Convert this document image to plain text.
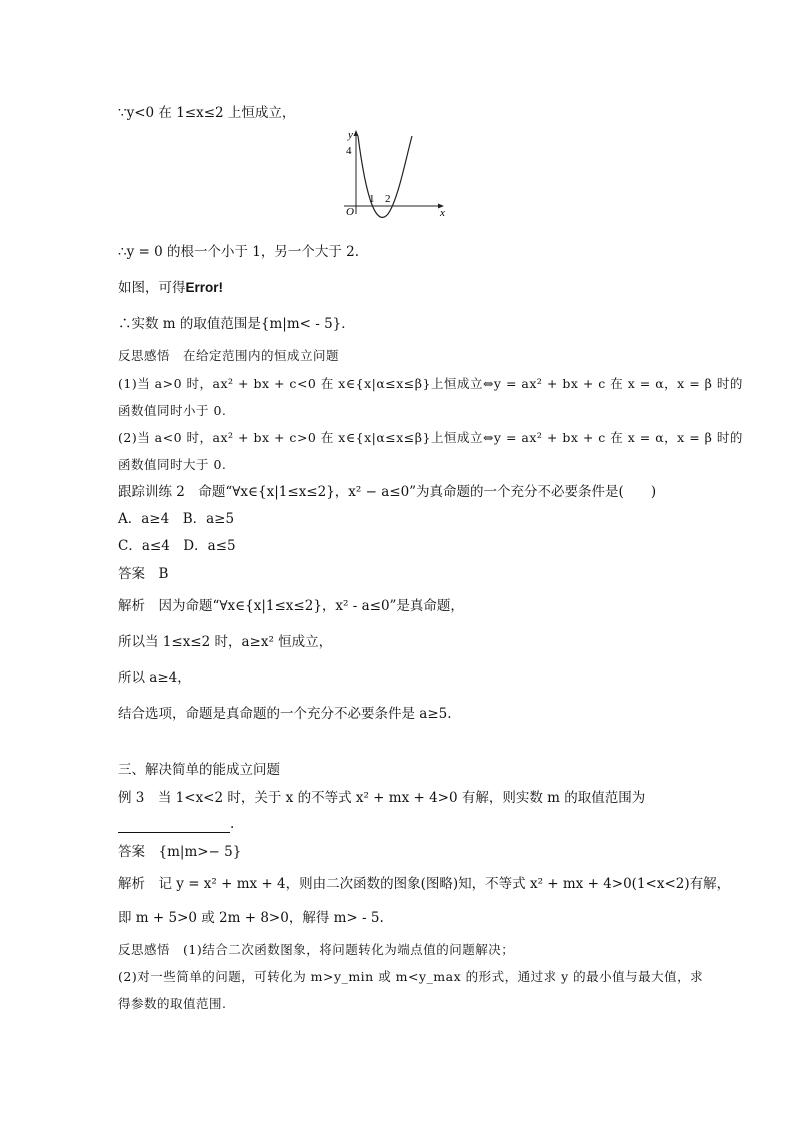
∵y<0 在 1≤x≤2 上恒成立，
y
4
O
1 2
x
∴y = 0 的根一个小于 1，另一个大于 2.
如图，可得Error!
∴实数 m 的取值范围是{m|m< - 5}．
反思感悟　在给定范围内的恒成立问题
(1)当 a>0 时，ax² + bx + c<0 在 x∈{x|α≤x≤β}上恒成立⇔y = ax² + bx + c 在 x = α，x = β 时的
函数值同时小于 0.
(2)当 a<0 时，ax² + bx + c>0 在 x∈{x|α≤x≤β}上恒成立⇔y = ax² + bx + c 在 x = α，x = β 时的
函数值同时大于 0.
跟踪训练 2　命题“∀x∈{x|1≤x≤2}，x² − a≤0”为真命题的一个充分不必要条件是(　　)
A．a≥4　B．a≥5
C．a≤4　D．a≤5
答案　B
解析　因为命题“∀x∈{x|1≤x≤2}，x² - a≤0”是真命题，
所以当 1≤x≤2 时，a≥x² 恒成立，
所以 a≥4，
结合选项，命题是真命题的一个充分不必要条件是 a≥5.
三、解决简单的能成立问题
例 3　当 1<x<2 时，关于 x 的不等式 x² + mx + 4>0 有解，则实数 m 的取值范围为
.
答案　{m|m>− 5}
解析　记 y = x² + mx + 4，则由二次函数的图象(图略)知，不等式 x² + mx + 4>0(1<x<2)有解，
即 m + 5>0 或 2m + 8>0，解得 m> - 5.
反思感悟　(1)结合二次函数图象，将问题转化为端点值的问题解决；
(2)对一些简单的问题，可转化为 m>y_min 或 m<y_max 的形式，通过求 y 的最小值与最大值，求
得参数的取值范围.
